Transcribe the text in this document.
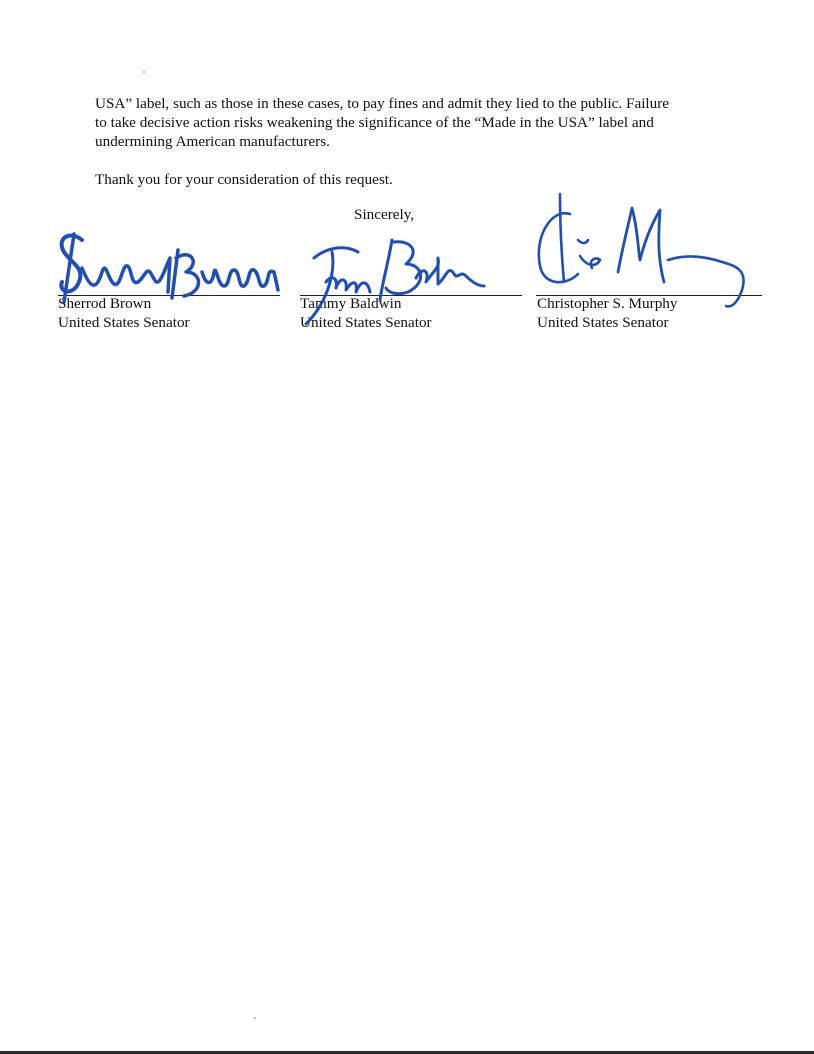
USA” label, such as those in these cases, to pay fines and admit they lied to the public. Failure
to take decisive action risks weakening the significance of the “Made in the USA” label and
undermining American manufacturers.

Thank you for your consideration of this request.

Sincerely,
Sherrod Brown
United States Senator
Tammy Baldwin
United States Senator
Christopher S. Murphy
United States Senator
